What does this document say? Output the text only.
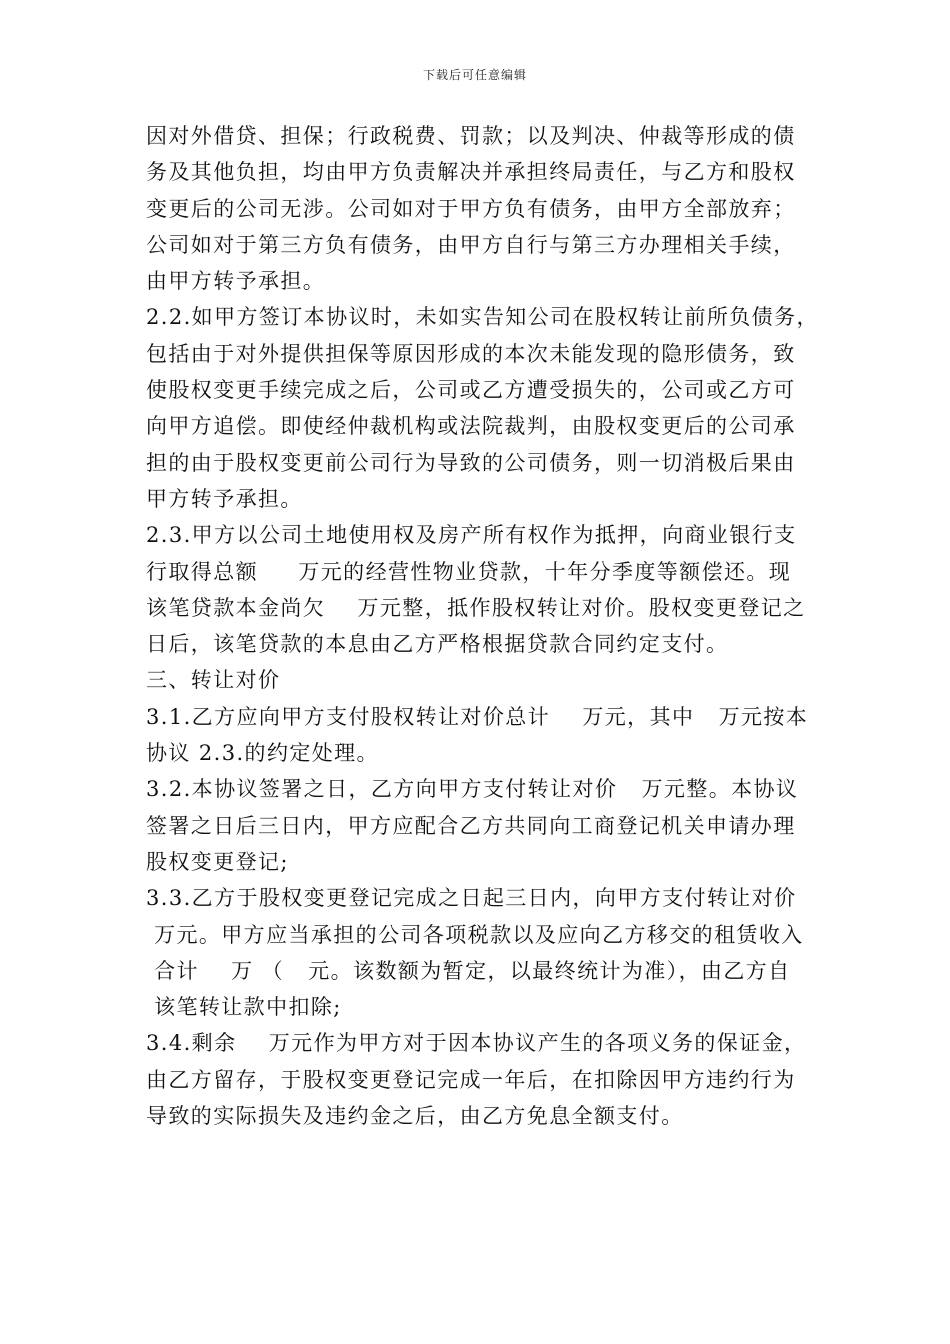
下载后可任意编辑
因对外借贷、担保；行政税费、罚款；以及判决、仲裁等形成的债
务及其他负担，均由甲方负责解决并承担终局责任，与乙方和股权
变更后的公司无涉。公司如对于甲方负有债务，由甲方全部放弃；
公司如对于第三方负有债务，由甲方自行与第三方办理相关手续，
由甲方转予承担。
2.2.如甲方签订本协议时，未如实告知公司在股权转让前所负债务，
包括由于对外提供担保等原因形成的本次未能发现的隐形债务，致
使股权变更手续完成之后，公司或乙方遭受损失的，公司或乙方可
向甲方追偿。即使经仲裁机构或法院裁判，由股权变更后的公司承
担的由于股权变更前公司行为导致的公司债务，则一切消极后果由
甲方转予承担。
2.3.甲方以公司土地使用权及房产所有权作为抵押，向商业银行支
行取得总额     万元的经营性物业贷款，十年分季度等额偿还。现
该笔贷款本金尚欠    万元整，抵作股权转让对价。股权变更登记之
日后，该笔贷款的本息由乙方严格根据贷款合同约定支付。
三、转让对价
3.1.乙方应向甲方支付股权转让对价总计    万元，其中   万元按本
协议 2.3.的约定处理。
3.2.本协议签署之日，乙方向甲方支付转让对价   万元整。本协议
签署之日后三日内，甲方应配合乙方共同向工商登记机关申请办理
股权变更登记;
3.3.乙方于股权变更登记完成之日起三日内，向甲方支付转让对价
万元。甲方应当承担的公司各项税款以及应向乙方移交的租赁收入
合计    万 （   元。该数额为暂定，以最终统计为准），由乙方自
该笔转让款中扣除;
3.4.剩余    万元作为甲方对于因本协议产生的各项义务的保证金，
由乙方留存，于股权变更登记完成一年后，在扣除因甲方违约行为
导致的实际损失及违约金之后，由乙方免息全额支付。
